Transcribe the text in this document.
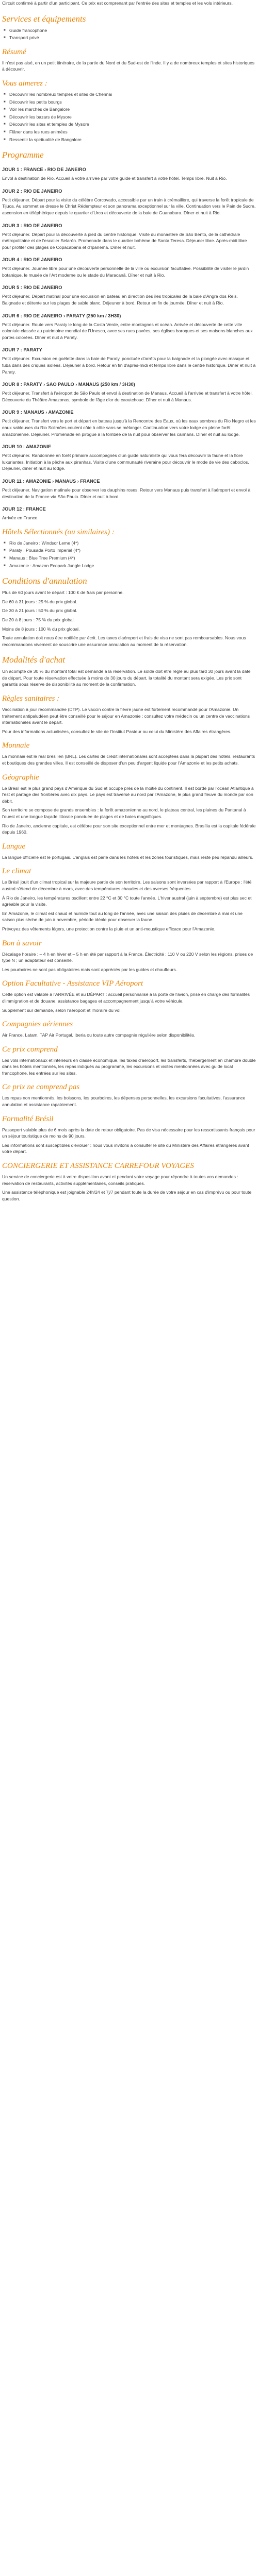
Circuit confirmé à partir d'un participant. Ce prix est comprenant par l'entrée des sites et temples et les vols intérieurs.

Services et équipements
■ Guide francophone
■ Transport privé
Résumé

Il n'est pas aisé, en un petit itinéraire, de la partie du Nord et du Sud-est de l'Inde. Il y a de nombreux temples et sites historiques à découvrir.

Vous aimerez :
■ Découvrir les nombreux temples et sites de Chennai
■ Découvrir les petits bourgs
■ Voir les marchés de Bangalore
■ Découvrir les bazars de Mysore
■ Découvrir les sites et temples de Mysore
■ Flâner dans les rues animées
■ Ressentir la spiritualité de Bangalore
Programme
JOUR 1 : FRANCE › RIO DE JANEIRO

Envol à destination de Rio. Accueil à votre arrivée par votre guide et transfert à votre hôtel. Temps libre. Nuit à Rio.

JOUR 2 : RIO DE JANEIRO

Petit déjeuner. Départ pour la visite du célèbre Corcovado, accessible par un train à crémaillère, qui traverse la forêt tropicale de Tijuca. Au sommet se dresse le Christ Rédempteur et son panorama exceptionnel sur la ville. Continuation vers le Pain de Sucre, ascension en téléphérique depuis le quartier d'Urca et découverte de la baie de Guanabara. Dîner et nuit à Rio.

JOUR 3 : RIO DE JANEIRO

Petit déjeuner. Départ pour la découverte à pied du centre historique. Visite du monastère de São Bento, de la cathédrale métropolitaine et de l'escalier Selarón. Promenade dans le quartier bohème de Santa Teresa. Déjeuner libre. Après-midi libre pour profiter des plages de Copacabana et d'Ipanema. Dîner et nuit.

JOUR 4 : RIO DE JANEIRO

Petit déjeuner. Journée libre pour une découverte personnelle de la ville ou excursion facultative. Possibilité de visiter le jardin botanique, le musée de l'Art moderne ou le stade du Maracanã. Dîner et nuit à Rio.

JOUR 5 : RIO DE JANEIRO

Petit déjeuner. Départ matinal pour une excursion en bateau en direction des îles tropicales de la baie d'Angra dos Reis. Baignade et détente sur les plages de sable blanc. Déjeuner à bord. Retour en fin de journée. Dîner et nuit à Rio.

JOUR 6 : RIO DE JANEIRO › PARATY (250 km / 3H30)

Petit déjeuner. Route vers Paraty le long de la Costa Verde, entre montagnes et océan. Arrivée et découverte de cette ville coloniale classée au patrimoine mondial de l'Unesco, avec ses rues pavées, ses églises baroques et ses maisons blanches aux portes colorées. Dîner et nuit à Paraty.

JOUR 7 : PARATY

Petit déjeuner. Excursion en goélette dans la baie de Paraty, ponctuée d'arrêts pour la baignade et la plongée avec masque et tuba dans des criques isolées. Déjeuner à bord. Retour en fin d'après-midi et temps libre dans le centre historique. Dîner et nuit à Paraty.

JOUR 8 : PARATY › SAO PAULO › MANAUS (250 km / 3H30)

Petit déjeuner. Transfert à l'aéroport de São Paulo et envol à destination de Manaus. Accueil à l'arrivée et transfert à votre hôtel. Découverte du Théâtre Amazonas, symbole de l'âge d'or du caoutchouc. Dîner et nuit à Manaus.

JOUR 9 : MANAUS › AMAZONIE

Petit déjeuner. Transfert vers le port et départ en bateau jusqu'à la Rencontre des Eaux, où les eaux sombres du Rio Negro et les eaux sableuses du Rio Solimões coulent côte à côte sans se mélanger. Continuation vers votre lodge en pleine forêt amazonienne. Déjeuner. Promenade en pirogue à la tombée de la nuit pour observer les caïmans. Dîner et nuit au lodge.

JOUR 10 : AMAZONIE

Petit déjeuner. Randonnée en forêt primaire accompagnés d'un guide naturaliste qui vous fera découvrir la faune et la flore luxuriantes. Initiation à la pêche aux piranhas. Visite d'une communauté riveraine pour découvrir le mode de vie des caboclos. Déjeuner, dîner et nuit au lodge.

JOUR 11 : AMAZONIE › MANAUS › FRANCE

Petit déjeuner. Navigation matinale pour observer les dauphins roses. Retour vers Manaus puis transfert à l'aéroport et envol à destination de la France via São Paulo. Dîner et nuit à bord.

JOUR 12 : FRANCE

Arrivée en France.

Hôtels Sélectionnés (ou similaires) :
■ Rio de Janeiro : Windsor Leme (4*)
■ Paraty : Pousada Porto Imperial (4*)
■ Manaus : Blue Tree Premium (4*)
■ Amazonie : Amazon Ecopark Jungle Lodge
Conditions d'annulation

Plus de 60 jours avant le départ : 100 € de frais par personne.

De 60 à 31 jours : 25 % du prix global.

De 30 à 21 jours : 50 % du prix global.

De 20 à 8 jours : 75 % du prix global.

Moins de 8 jours : 100 % du prix global.

Toute annulation doit nous être notifiée par écrit. Les taxes d'aéroport et frais de visa ne sont pas remboursables. Nous vous recommandons vivement de souscrire une assurance annulation au moment de la réservation.

Modalités d'achat

Un acompte de 30 % du montant total est demandé à la réservation. Le solde doit être réglé au plus tard 30 jours avant la date de départ. Pour toute réservation effectuée à moins de 30 jours du départ, la totalité du montant sera exigée. Les prix sont garantis sous réserve de disponibilité au moment de la confirmation.

Règles sanitaires :

Vaccination à jour recommandée (DTP). Le vaccin contre la fièvre jaune est fortement recommandé pour l'Amazonie. Un traitement antipaludéen peut être conseillé pour le séjour en Amazonie : consultez votre médecin ou un centre de vaccinations internationales avant le départ.

Pour des informations actualisées, consultez le site de l'Institut Pasteur ou celui du Ministère des Affaires étrangères.

Monnaie

La monnaie est le réal brésilien (BRL). Les cartes de crédit internationales sont acceptées dans la plupart des hôtels, restaurants et boutiques des grandes villes. Il est conseillé de disposer d'un peu d'argent liquide pour l'Amazonie et les petits achats.

Géographie

Le Brésil est le plus grand pays d'Amérique du Sud et occupe près de la moitié du continent. Il est bordé par l'océan Atlantique à l'est et partage des frontières avec dix pays. Le pays est traversé au nord par l'Amazone, le plus grand fleuve du monde par son débit.

Son territoire se compose de grands ensembles : la forêt amazonienne au nord, le plateau central, les plaines du Pantanal à l'ouest et une longue façade littorale ponctuée de plages et de baies magnifiques.

Rio de Janeiro, ancienne capitale, est célèbre pour son site exceptionnel entre mer et montagnes. Brasília est la capitale fédérale depuis 1960.

Langue

La langue officielle est le portugais. L'anglais est parlé dans les hôtels et les zones touristiques, mais reste peu répandu ailleurs.

Le climat

Le Brésil jouit d'un climat tropical sur la majeure partie de son territoire. Les saisons sont inversées par rapport à l'Europe : l'été austral s'étend de décembre à mars, avec des températures chaudes et des averses fréquentes.

À Rio de Janeiro, les températures oscillent entre 22 °C et 30 °C toute l'année. L'hiver austral (juin à septembre) est plus sec et agréable pour la visite.

En Amazonie, le climat est chaud et humide tout au long de l'année, avec une saison des pluies de décembre à mai et une saison plus sèche de juin à novembre, période idéale pour observer la faune.

Prévoyez des vêtements légers, une protection contre la pluie et un anti-moustique efficace pour l'Amazonie.

Bon à savoir

Décalage horaire : – 4 h en hiver et – 5 h en été par rapport à la France. Électricité : 110 V ou 220 V selon les régions, prises de type N ; un adaptateur est conseillé.

Les pourboires ne sont pas obligatoires mais sont appréciés par les guides et chauffeurs.

Option Facultative - Assistance VIP Aéroport

Cette option est valable à l'ARRIVÉE et au DÉPART : accueil personnalisé à la porte de l'avion, prise en charge des formalités d'immigration et de douane, assistance bagages et accompagnement jusqu'à votre véhicule.

Supplément sur demande, selon l'aéroport et l'horaire du vol.

Compagnies aériennes

Air France, Latam, TAP Air Portugal, Iberia ou toute autre compagnie régulière selon disponibilités.

Ce prix comprend

Les vols internationaux et intérieurs en classe économique, les taxes d'aéroport, les transferts, l'hébergement en chambre double dans les hôtels mentionnés, les repas indiqués au programme, les excursions et visites mentionnées avec guide local francophone, les entrées sur les sites.

Ce prix ne comprend pas

Les repas non mentionnés, les boissons, les pourboires, les dépenses personnelles, les excursions facultatives, l'assurance annulation et assistance rapatriement.

Formalité Brésil

Passeport valable plus de 6 mois après la date de retour obligatoire. Pas de visa nécessaire pour les ressortissants français pour un séjour touristique de moins de 90 jours.

Les informations sont susceptibles d'évoluer : nous vous invitons à consulter le site du Ministère des Affaires étrangères avant votre départ.

CONCIERGERIE ET ASSISTANCE CARREFOUR VOYAGES

Un service de conciergerie est à votre disposition avant et pendant votre voyage pour répondre à toutes vos demandes : réservation de restaurants, activités supplémentaires, conseils pratiques.

Une assistance téléphonique est joignable 24h/24 et 7j/7 pendant toute la durée de votre séjour en cas d'imprévu ou pour toute question.
